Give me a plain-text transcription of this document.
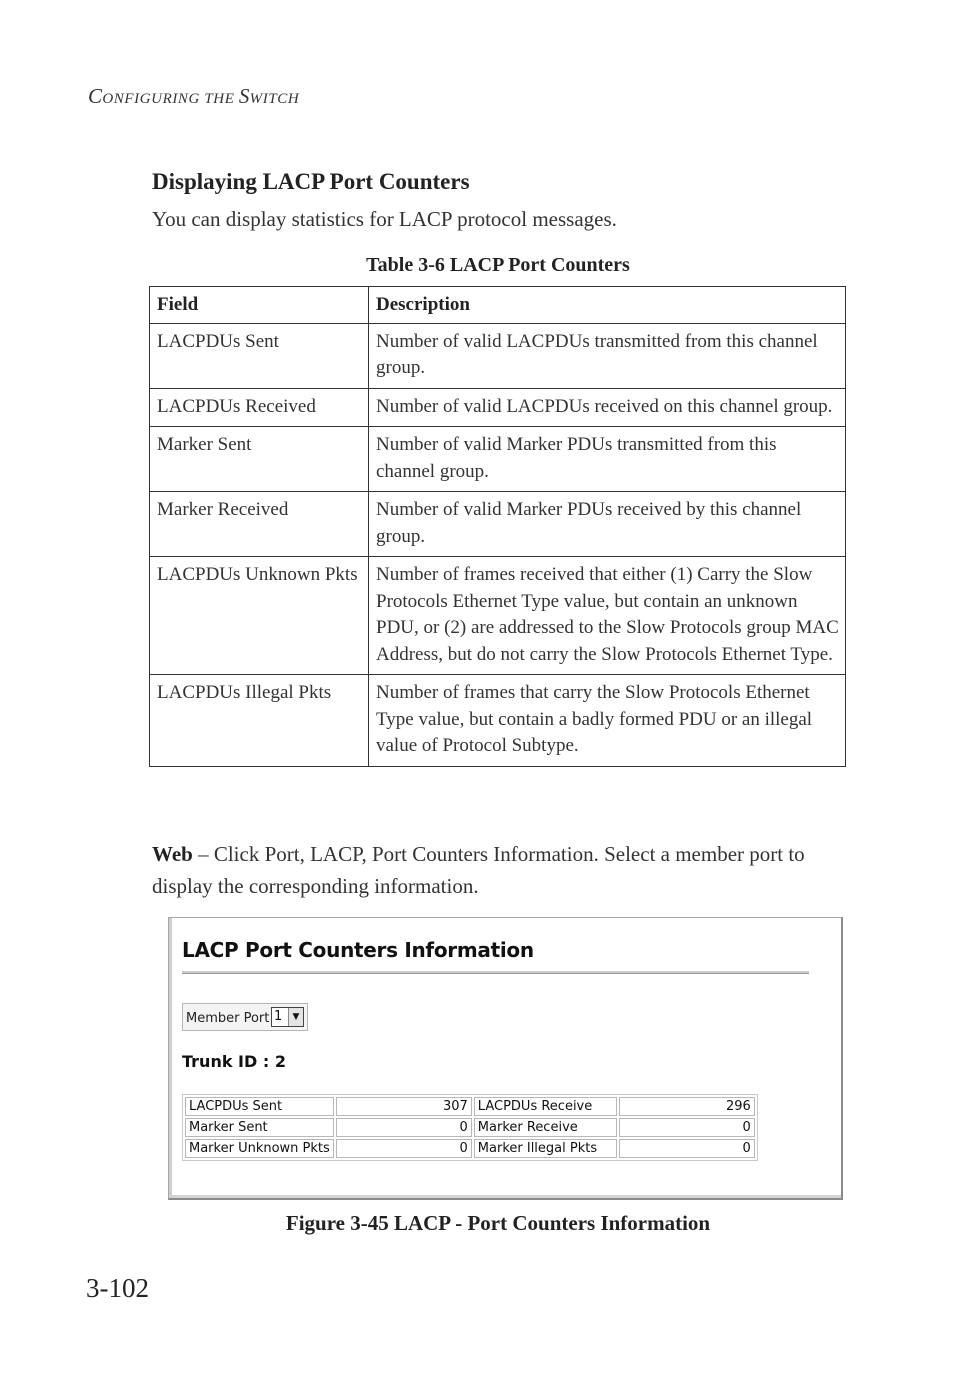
CONFIGURING THE SWITCH
Displaying LACP Port Counters
You can display statistics for LACP protocol messages.
Table 3-6 LACP Port Counters
Field	Description
LACPDUs Sent	Number of valid LACPDUs transmitted from this channel group.
LACPDUs Received	Number of valid LACPDUs received on this channel group.
Marker Sent	Number of valid Marker PDUs transmitted from this channel group.
Marker Received	Number of valid Marker PDUs received by this channel group.
LACPDUs Unknown Pkts	Number of frames received that either (1) Carry the Slow Protocols Ethernet Type value, but contain an unknown PDU, or (2) are addressed to the Slow Protocols group MAC Address, but do not carry the Slow Protocols Ethernet Type.
LACPDUs Illegal Pkts	Number of frames that carry the Slow Protocols Ethernet Type value, but contain a badly formed PDU or an illegal value of Protocol Subtype.
Web – Click Port, LACP, Port Counters Information. Select a member port to display the corresponding information.
LACP Port Counters Information
Member Port 1	▼
Trunk ID : 2
LACPDUs Sent	307	LACPDUs Receive	296
Marker Sent	0	Marker Receive	0
Marker Unknown Pkts	0	Marker Illegal Pkts	0
Figure 3-45 LACP - Port Counters Information
3-102
